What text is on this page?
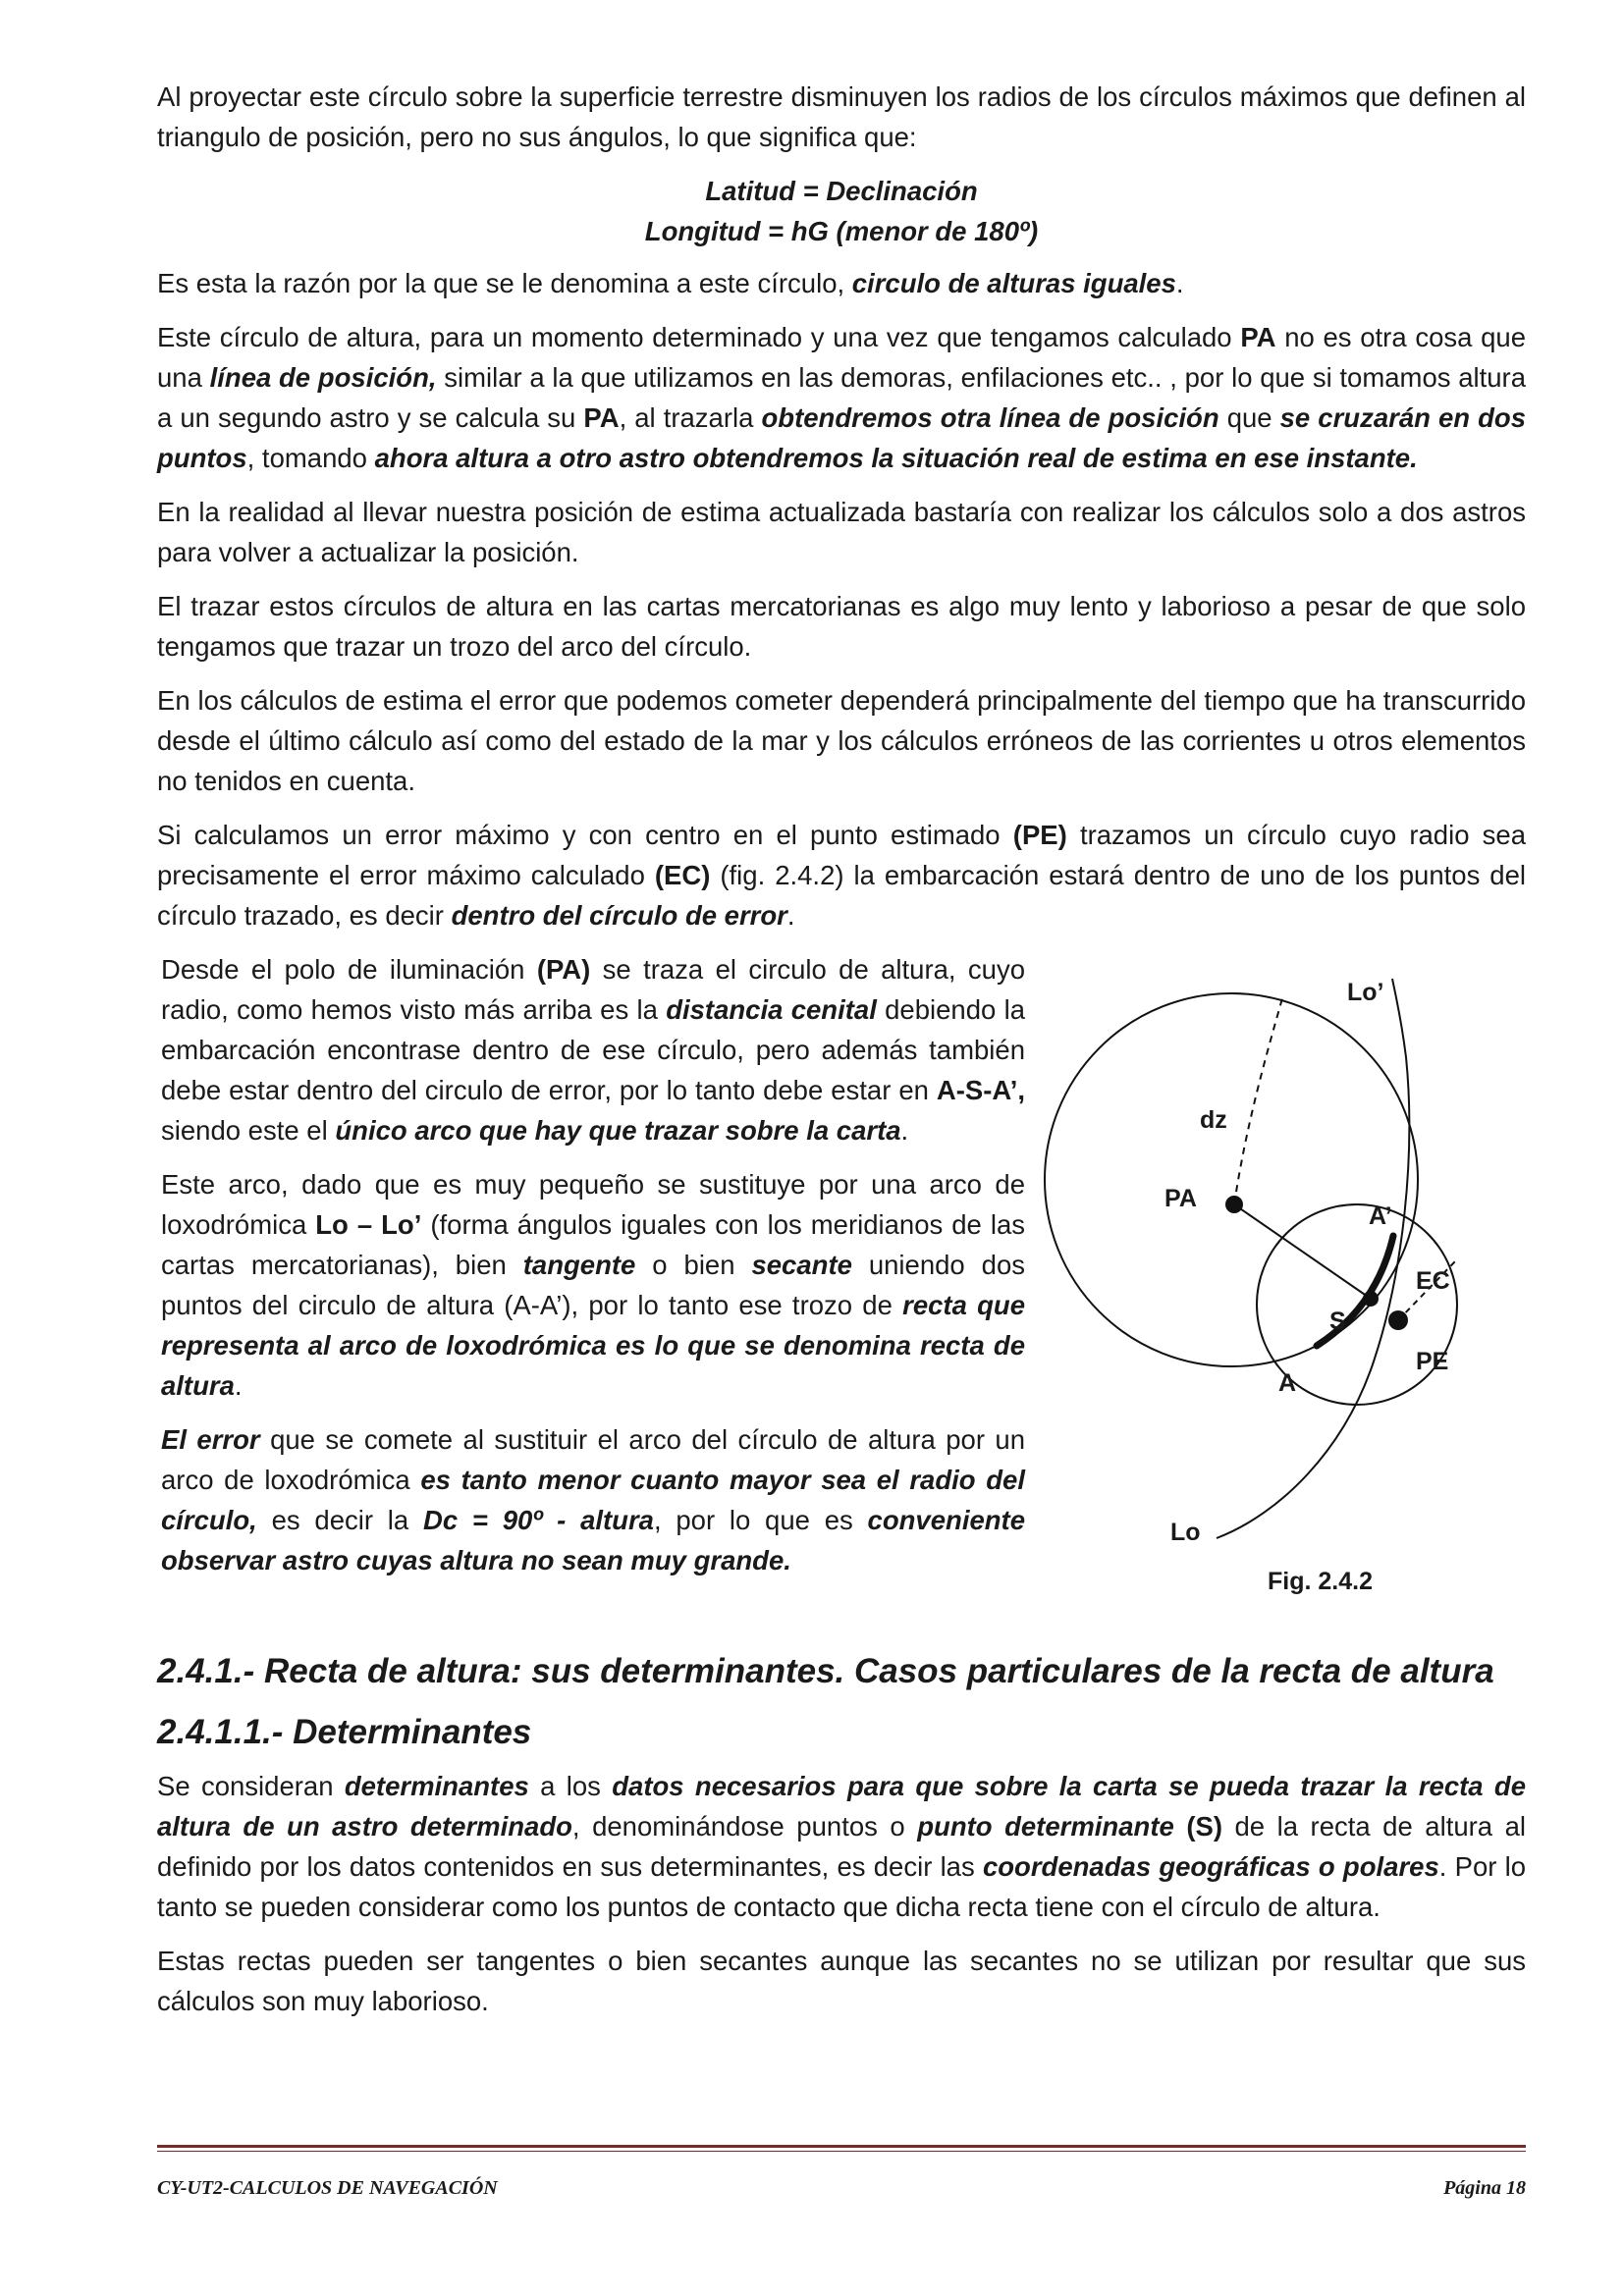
Al proyectar este círculo sobre la superficie terrestre disminuyen los radios de los círculos máximos que definen al triangulo de posición, pero no sus ángulos, lo que significa que:

Latitud = Declinación
Longitud = hG (menor de 180º)

Es esta la razón por la que se le denomina a este círculo, circulo de alturas iguales.

Este círculo de altura, para un momento determinado y una vez que tengamos calculado PA no es otra cosa que una línea de posición, similar a la que utilizamos en las demoras, enfilaciones etc.. , por lo que si tomamos altura a un segundo astro y se calcula su PA, al trazarla obtendremos otra línea de posición que se cruzarán en dos puntos, tomando ahora altura a otro astro obtendremos la situación real de estima en ese instante.

En la realidad al llevar nuestra posición de estima actualizada bastaría con realizar los cálculos solo a dos astros para volver a actualizar la posición.

El trazar estos círculos de altura en las cartas mercatorianas es algo muy lento y laborioso a pesar de que solo tengamos que trazar un trozo del arco del círculo.

En los cálculos de estima el error que podemos cometer dependerá principalmente del tiempo que ha transcurrido desde el último cálculo así como del estado de la mar y los cálculos erróneos de las corrientes u otros elementos no tenidos en cuenta.

Si calculamos un error máximo y con centro en el punto estimado (PE) trazamos un círculo cuyo radio sea precisamente el error máximo calculado (EC) (fig. 2.4.2) la embarcación estará dentro de uno de los puntos del círculo trazado, es decir dentro del círculo de error.

Desde el polo de iluminación (PA) se traza el circulo de altura, cuyo radio, como hemos visto más arriba es la distancia cenital debiendo la embarcación encontrase dentro de ese círculo, pero además también debe estar dentro del circulo de error, por lo tanto debe estar en A-S-A’, siendo este el único arco que hay que trazar sobre la carta.

Este arco, dado que es muy pequeño se sustituye por una arco de loxodrómica Lo – Lo’ (forma ángulos iguales con los meridianos de las cartas mercatorianas), bien tangente o bien secante uniendo dos puntos del circulo de altura (A-A’), por lo tanto ese trozo de recta que representa al arco de loxodrómica es lo que se denomina recta de altura.

El error que se comete al sustituir el arco del círculo de altura por un arco de loxodrómica es tanto menor cuanto mayor sea el radio del círculo, es decir la Dc = 90º - altura, por lo que es conveniente observar astro cuyas altura no sean muy grande.

Lo’
dz
PA
A’
EC
S
PE
A
Lo
Fig. 2.4.2
2.4.1.- Recta de altura: sus determinantes. Casos particulares de la recta de altura
2.4.1.1.- Determinantes

Se consideran determinantes a los datos necesarios para que sobre la carta se pueda trazar la recta de altura de un astro determinado, denominándose puntos o punto determinante (S) de la recta de altura al definido por los datos contenidos en sus determinantes, es decir las coordenadas geográficas o polares. Por lo tanto se pueden considerar como los puntos de contacto que dicha recta tiene con el círculo de altura.

Estas rectas pueden ser tangentes o bien secantes aunque las secantes no se utilizan por resultar que sus cálculos son muy laborioso.

CY-UT2-CALCULOS DE NAVEGACIÓN	Página 18
